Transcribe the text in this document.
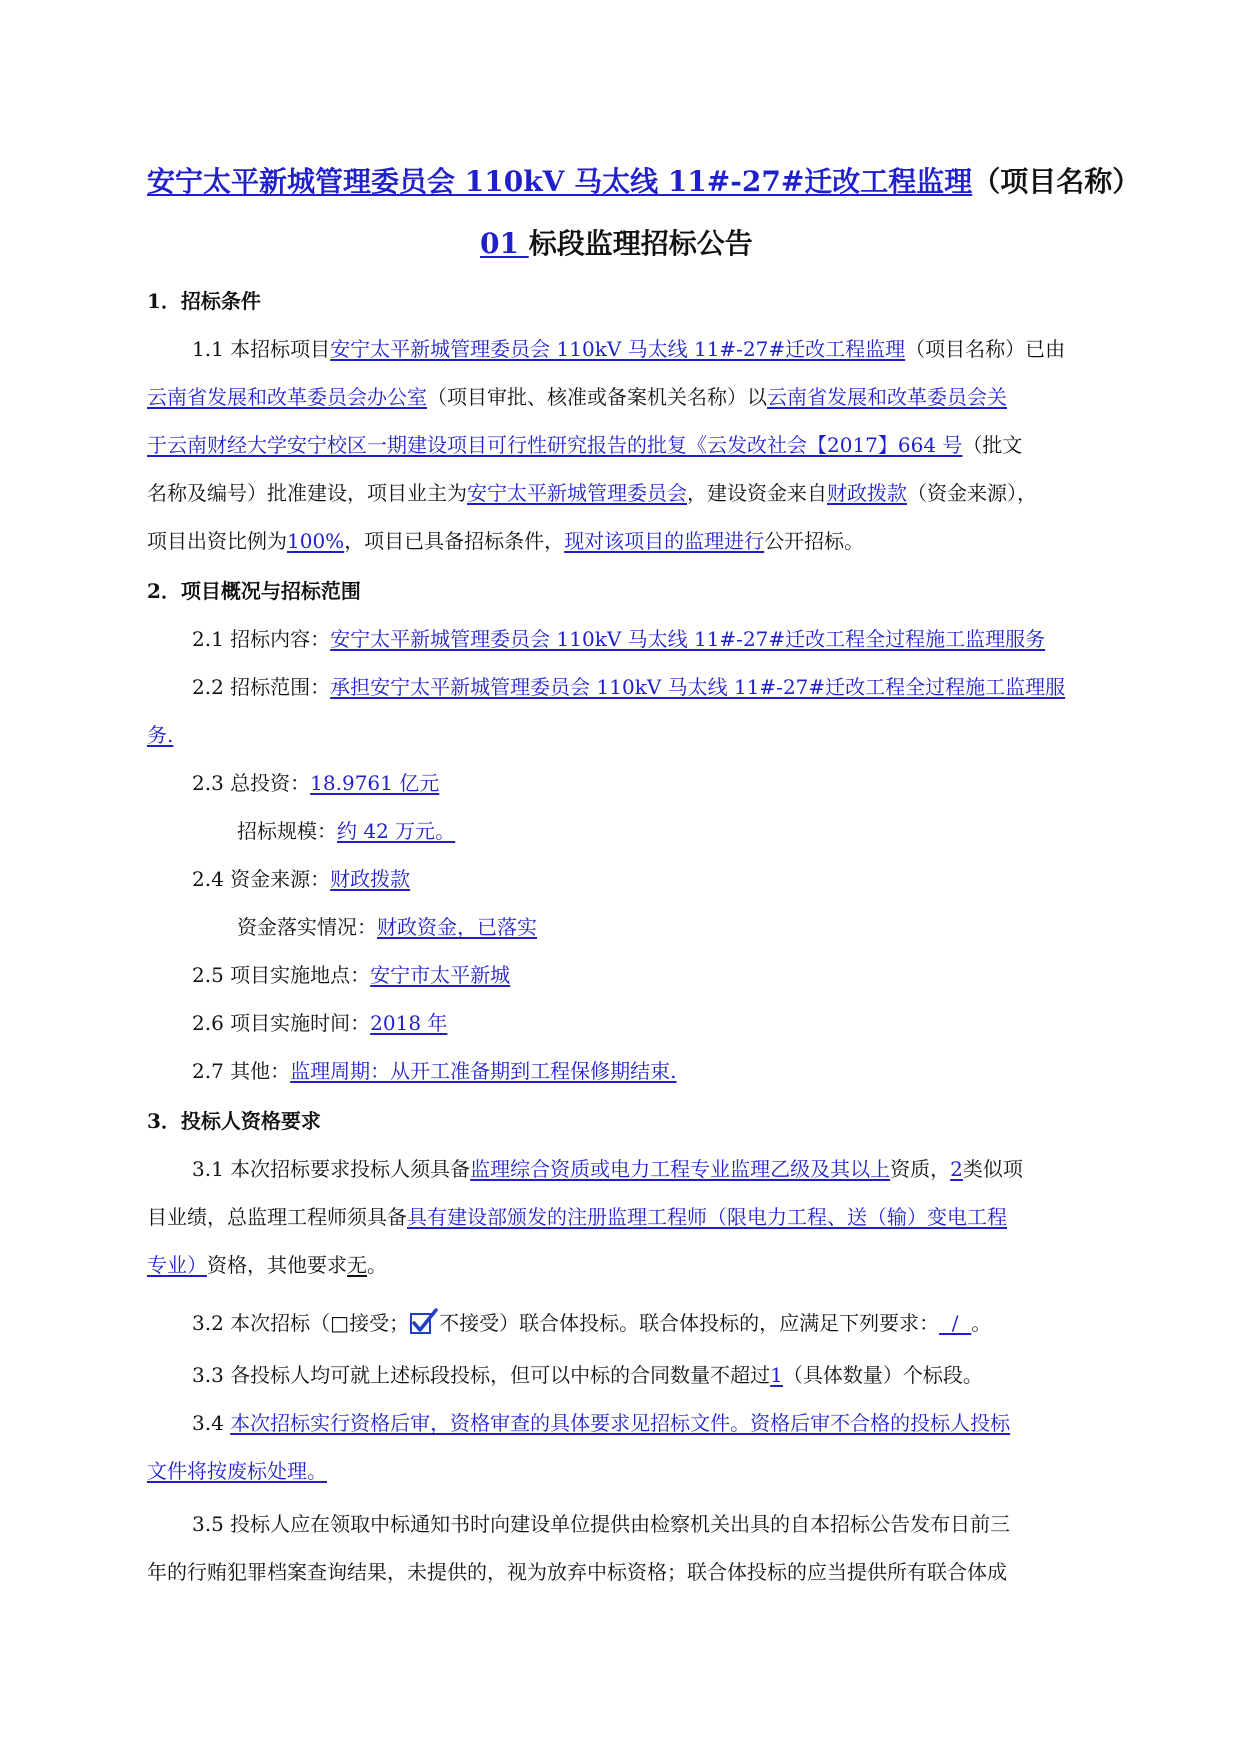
安宁太平新城管理委员会 110kV 马太线 11#-27#迁改工程监理（项目名称）
01 标段监理招标公告
1．招标条件
1.1 本招标项目安宁太平新城管理委员会 110kV 马太线 11#-27#迁改工程监理（项目名称）已由
云南省发展和改革委员会办公室（项目审批、核准或备案机关名称）以云南省发展和改革委员会关
于云南财经大学安宁校区一期建设项目可行性研究报告的批复《云发改社会【2017】664 号（批文
名称及编号）批准建设，项目业主为安宁太平新城管理委员会，建设资金来自财政拨款（资金来源），
项目出资比例为100%，项目已具备招标条件，现对该项目的监理进行公开招标。
2．项目概况与招标范围
2.1 招标内容：安宁太平新城管理委员会 110kV 马太线 11#-27#迁改工程全过程施工监理服务
2.2 招标范围：承担安宁太平新城管理委员会 110kV 马太线 11#-27#迁改工程全过程施工监理服
务.
2.3 总投资：18.9761 亿元
招标规模：约 42 万元。
2.4 资金来源：财政拨款
资金落实情况：财政资金，已落实
2.5 项目实施地点：安宁市太平新城
2.6 项目实施时间：2018 年
2.7 其他：监理周期：从开工准备期到工程保修期结束.
3．投标人资格要求
3.1 本次招标要求投标人须具备监理综合资质或电力工程专业监理乙级及其以上资质，2类似项
目业绩，总监理工程师须具备具有建设部颁发的注册监理工程师（限电力工程、送（输）变电工程
专业）资格，其他要求无。
3.2 本次招标（□接受； 不接受）联合体投标。联合体投标的，应满足下列要求：  /  。
3.3 各投标人均可就上述标段投标，但可以中标的合同数量不超过1（具体数量）个标段。
3.4 本次招标实行资格后审，资格审查的具体要求见招标文件。资格后审不合格的投标人投标
文件将按废标处理。
3.5 投标人应在领取中标通知书时向建设单位提供由检察机关出具的自本招标公告发布日前三
年的行贿犯罪档案查询结果，未提供的，视为放弃中标资格；联合体投标的应当提供所有联合体成
